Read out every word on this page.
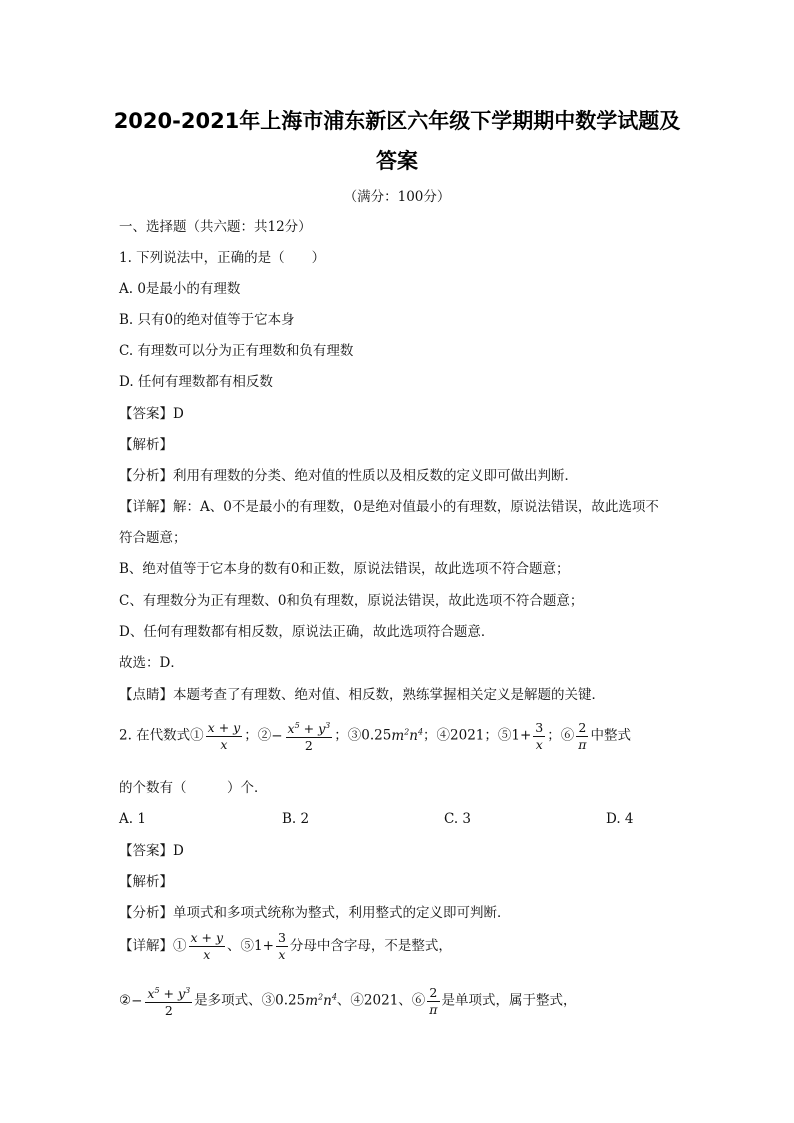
2020-2021年上海市浦东新区六年级下学期期中数学试题及
答案
（满分：100分）
一、选择题（共六题：共12分）
1. 下列说法中，正确的是（　　）
A. 0是最小的有理数
B. 只有0的绝对值等于它本身
C. 有理数可以分为正有理数和负有理数
D. 任何有理数都有相反数
【答案】D
【解析】
【分析】利用有理数的分类、绝对值的性质以及相反数的定义即可做出判断．
【详解】解：A、0不是最小的有理数，0是绝对值最小的有理数，原说法错误，故此选项不
符合题意；
B、绝对值等于它本身的数有0和正数，原说法错误，故此选项不符合题意；
C、有理数分为正有理数、0和负有理数，原说法错误，故此选项不符合题意；
D、任何有理数都有相反数，原说法正确，故此选项符合题意．
故选：D．
【点睛】本题考查了有理数、绝对值、相反数，熟练掌握相关定义是解题的关键．
2. 在代数式① $\frac{x + y}{x}$ ；②− $\frac{x^5 + y^3}{2}$ ；$③0.25m^2n^4$；④2021；⑤1+ $\frac{3}{x}$ ；⑥ $\frac{2}{\pi}$ 中整式
的个数有（　　　）个．
A. 1	B. 2	C. 3	D. 4
【答案】D
【解析】
【分析】单项式和多项式统称为整式，利用整式的定义即可判断．
【详解】① $\frac{x + y}{x}$ 、⑤1+ $\frac{3}{x}$ 分母中含字母，不是整式，
②− $\frac{x^5 + y^3}{2}$ 是多项式、$③0.25m^2n^4$、④2021、⑥ $\frac{2}{\pi}$ 是单项式，属于整式，
